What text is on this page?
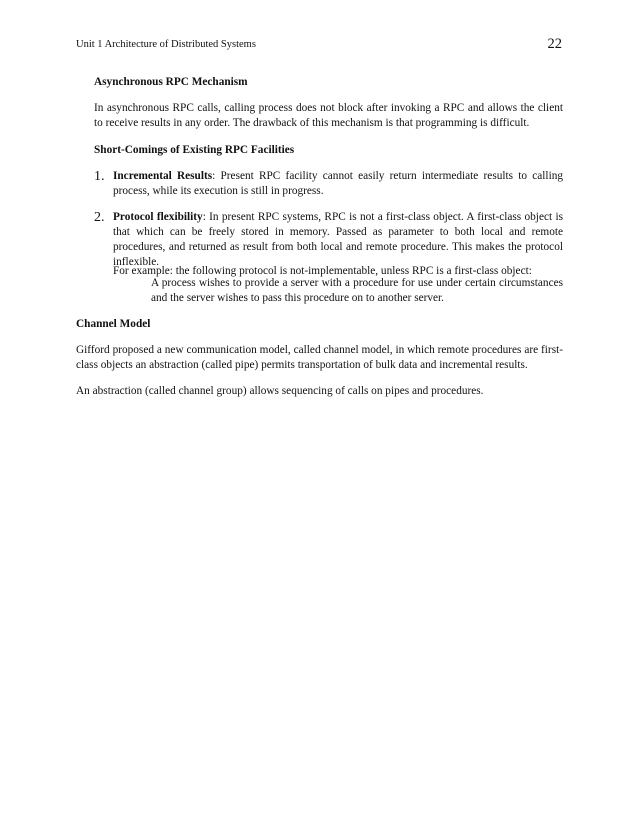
Unit 1 Architecture of Distributed Systems	22
Asynchronous RPC Mechanism
In asynchronous RPC calls, calling process does not block after invoking a RPC and allows the client to receive results in any order. The drawback of this mechanism is that programming is difficult.
Short-Comings of Existing RPC Facilities
1. Incremental Results: Present RPC facility cannot easily return intermediate results to calling process, while its execution is still in progress.
2. Protocol flexibility: In present RPC systems, RPC is not a first-class object. A first-class object is that which can be freely stored in memory. Passed as parameter to both local and remote procedures, and returned as result from both local and remote procedure. This makes the protocol inflexible.
For example: the following protocol is not-implementable, unless RPC is a first-class object:
A process wishes to provide a server with a procedure for use under certain circumstances and the server wishes to pass this procedure on to another server.
Channel Model
Gifford proposed a new communication model, called channel model, in which remote procedures are first-class objects an abstraction (called pipe) permits transportation of bulk data and incremental results.
An abstraction (called channel group) allows sequencing of calls on pipes and procedures.
